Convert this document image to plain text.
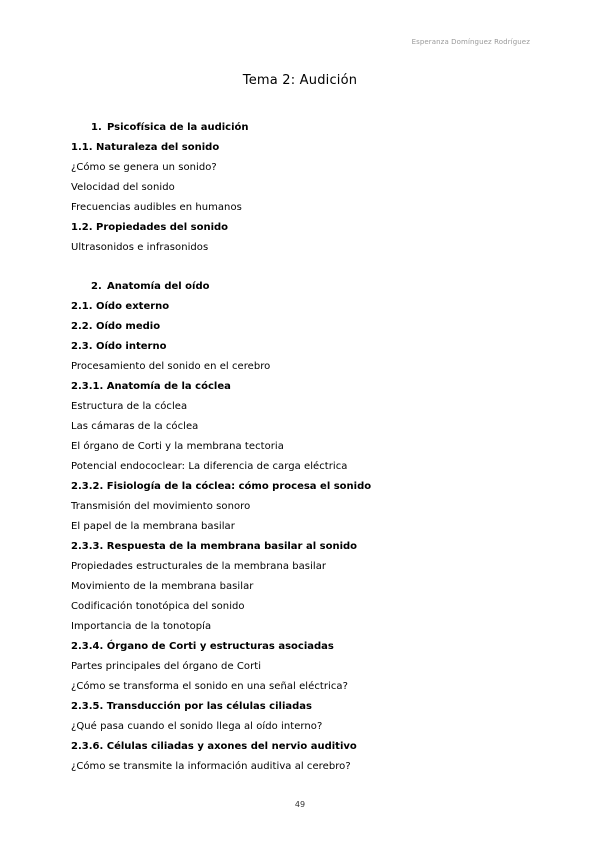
Esperanza Domínguez Rodríguez
Tema 2: Audición
1. Psicofísica de la audición
1.1. Naturaleza del sonido
¿Cómo se genera un sonido?
Velocidad del sonido
Frecuencias audibles en humanos
1.2. Propiedades del sonido
Ultrasonidos e infrasonidos
2. Anatomía del oído
2.1. Oído externo
2.2. Oído medio
2.3. Oído interno
Procesamiento del sonido en el cerebro
2.3.1. Anatomía de la cóclea
Estructura de la cóclea
Las cámaras de la cóclea
El órgano de Corti y la membrana tectoria
Potencial endococlear: La diferencia de carga eléctrica
2.3.2. Fisiología de la cóclea: cómo procesa el sonido
Transmisión del movimiento sonoro
El papel de la membrana basilar
2.3.3. Respuesta de la membrana basilar al sonido
Propiedades estructurales de la membrana basilar
Movimiento de la membrana basilar
Codificación tonotópica del sonido
Importancia de la tonotopía
2.3.4. Órgano de Corti y estructuras asociadas
Partes principales del órgano de Corti
¿Cómo se transforma el sonido en una señal eléctrica?
2.3.5. Transducción por las células ciliadas
¿Qué pasa cuando el sonido llega al oído interno?
2.3.6. Células ciliadas y axones del nervio auditivo
¿Cómo se transmite la información auditiva al cerebro?
49
